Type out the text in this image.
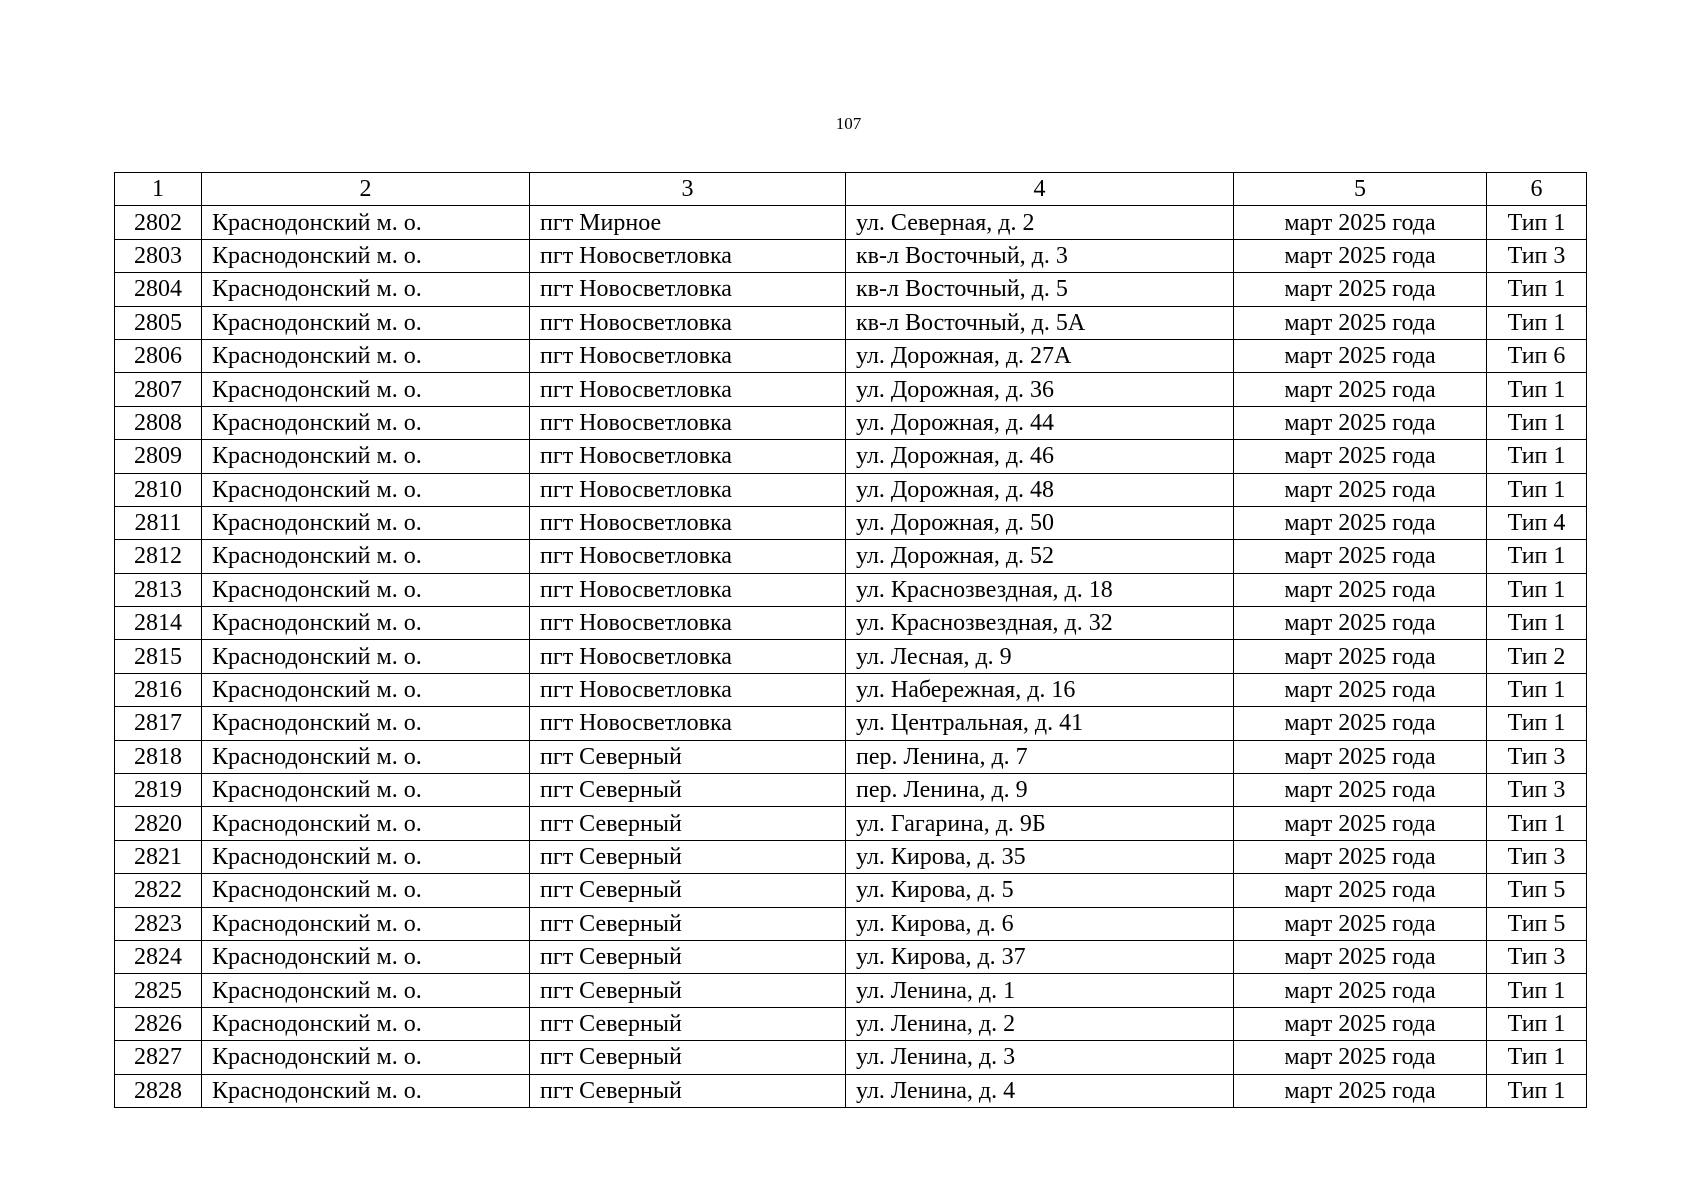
107
1	2	3	4	5	6
2802	Краснодонский м. о.	пгт Мирное	ул. Северная, д. 2	март 2025 года	Тип 1
2803	Краснодонский м. о.	пгт Новосветловка	кв-л Восточный, д. 3	март 2025 года	Тип 3
2804	Краснодонский м. о.	пгт Новосветловка	кв-л Восточный, д. 5	март 2025 года	Тип 1
2805	Краснодонский м. о.	пгт Новосветловка	кв-л Восточный, д. 5А	март 2025 года	Тип 1
2806	Краснодонский м. о.	пгт Новосветловка	ул. Дорожная, д. 27А	март 2025 года	Тип 6
2807	Краснодонский м. о.	пгт Новосветловка	ул. Дорожная, д. 36	март 2025 года	Тип 1
2808	Краснодонский м. о.	пгт Новосветловка	ул. Дорожная, д. 44	март 2025 года	Тип 1
2809	Краснодонский м. о.	пгт Новосветловка	ул. Дорожная, д. 46	март 2025 года	Тип 1
2810	Краснодонский м. о.	пгт Новосветловка	ул. Дорожная, д. 48	март 2025 года	Тип 1
2811	Краснодонский м. о.	пгт Новосветловка	ул. Дорожная, д. 50	март 2025 года	Тип 4
2812	Краснодонский м. о.	пгт Новосветловка	ул. Дорожная, д. 52	март 2025 года	Тип 1
2813	Краснодонский м. о.	пгт Новосветловка	ул. Краснозвездная, д. 18	март 2025 года	Тип 1
2814	Краснодонский м. о.	пгт Новосветловка	ул. Краснозвездная, д. 32	март 2025 года	Тип 1
2815	Краснодонский м. о.	пгт Новосветловка	ул. Лесная, д. 9	март 2025 года	Тип 2
2816	Краснодонский м. о.	пгт Новосветловка	ул. Набережная, д. 16	март 2025 года	Тип 1
2817	Краснодонский м. о.	пгт Новосветловка	ул. Центральная, д. 41	март 2025 года	Тип 1
2818	Краснодонский м. о.	пгт Северный	пер. Ленина, д. 7	март 2025 года	Тип 3
2819	Краснодонский м. о.	пгт Северный	пер. Ленина, д. 9	март 2025 года	Тип 3
2820	Краснодонский м. о.	пгт Северный	ул. Гагарина, д. 9Б	март 2025 года	Тип 1
2821	Краснодонский м. о.	пгт Северный	ул. Кирова, д. 35	март 2025 года	Тип 3
2822	Краснодонский м. о.	пгт Северный	ул. Кирова, д. 5	март 2025 года	Тип 5
2823	Краснодонский м. о.	пгт Северный	ул. Кирова, д. 6	март 2025 года	Тип 5
2824	Краснодонский м. о.	пгт Северный	ул. Кирова, д. 37	март 2025 года	Тип 3
2825	Краснодонский м. о.	пгт Северный	ул. Ленина, д. 1	март 2025 года	Тип 1
2826	Краснодонский м. о.	пгт Северный	ул. Ленина, д. 2	март 2025 года	Тип 1
2827	Краснодонский м. о.	пгт Северный	ул. Ленина, д. 3	март 2025 года	Тип 1
2828	Краснодонский м. о.	пгт Северный	ул. Ленина, д. 4	март 2025 года	Тип 1
